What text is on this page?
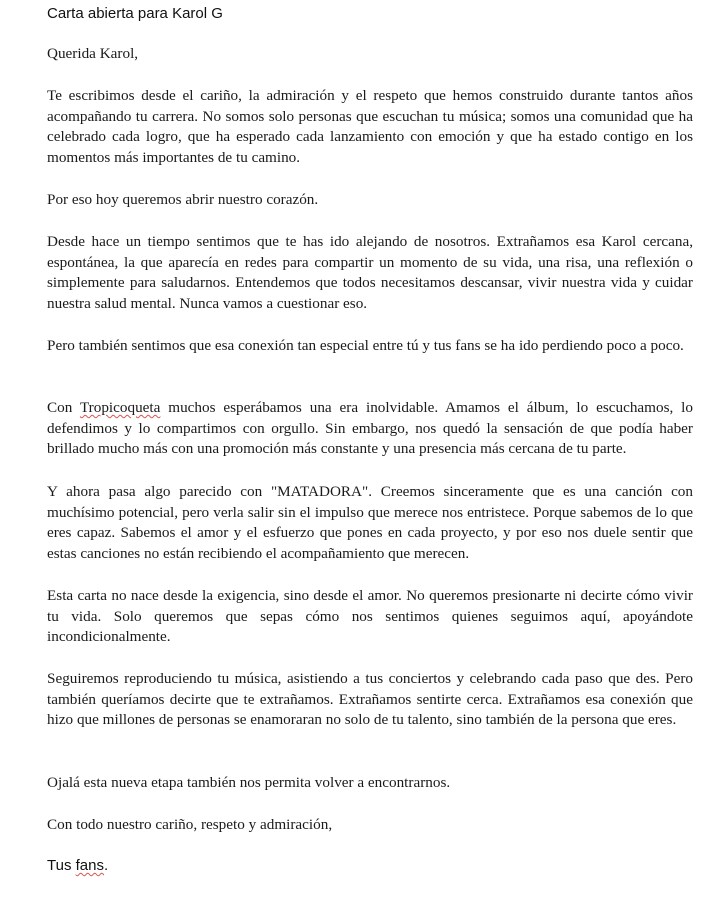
Carta abierta para Karol G

Querida Karol,

Te escribimos desde el cariño, la admiración y el respeto que hemos construido durante tantos años acompañando tu carrera. No somos solo personas que escuchan tu música; somos una comunidad que ha celebrado cada logro, que ha esperado cada lanzamiento con emoción y que ha estado contigo en los momentos más importantes de tu camino.

Por eso hoy queremos abrir nuestro corazón.

Desde hace un tiempo sentimos que te has ido alejando de nosotros. Extrañamos esa Karol cercana, espontánea, la que aparecía en redes para compartir un momento de su vida, una risa, una reflexión o simplemente para saludarnos. Entendemos que todos necesitamos descansar, vivir nuestra vida y cuidar nuestra salud mental. Nunca vamos a cuestionar eso.

Pero también sentimos que esa conexión tan especial entre tú y tus fans se ha ido perdiendo poco a poco.

Con Tropicoqueta muchos esperábamos una era inolvidable. Amamos el álbum, lo escuchamos, lo defendimos y lo compartimos con orgullo. Sin embargo, nos quedó la sensación de que podía haber brillado mucho más con una promoción más constante y una presencia más cercana de tu parte.

Y ahora pasa algo parecido con "MATADORA". Creemos sinceramente que es una canción con muchísimo potencial, pero verla salir sin el impulso que merece nos entristece. Porque sabemos de lo que eres capaz. Sabemos el amor y el esfuerzo que pones en cada proyecto, y por eso nos duele sentir que estas canciones no están recibiendo el acompañamiento que merecen.

Esta carta no nace desde la exigencia, sino desde el amor. No queremos presionarte ni decirte cómo vivir tu vida. Solo queremos que sepas cómo nos sentimos quienes seguimos aquí, apoyándote incondicionalmente.

Seguiremos reproduciendo tu música, asistiendo a tus conciertos y celebrando cada paso que des. Pero también queríamos decirte que te extrañamos. Extrañamos sentirte cerca. Extrañamos esa conexión que hizo que millones de personas se enamoraran no solo de tu talento, sino también de la persona que eres.

Ojalá esta nueva etapa también nos permita volver a encontrarnos.

Con todo nuestro cariño, respeto y admiración,

Tus fans.
